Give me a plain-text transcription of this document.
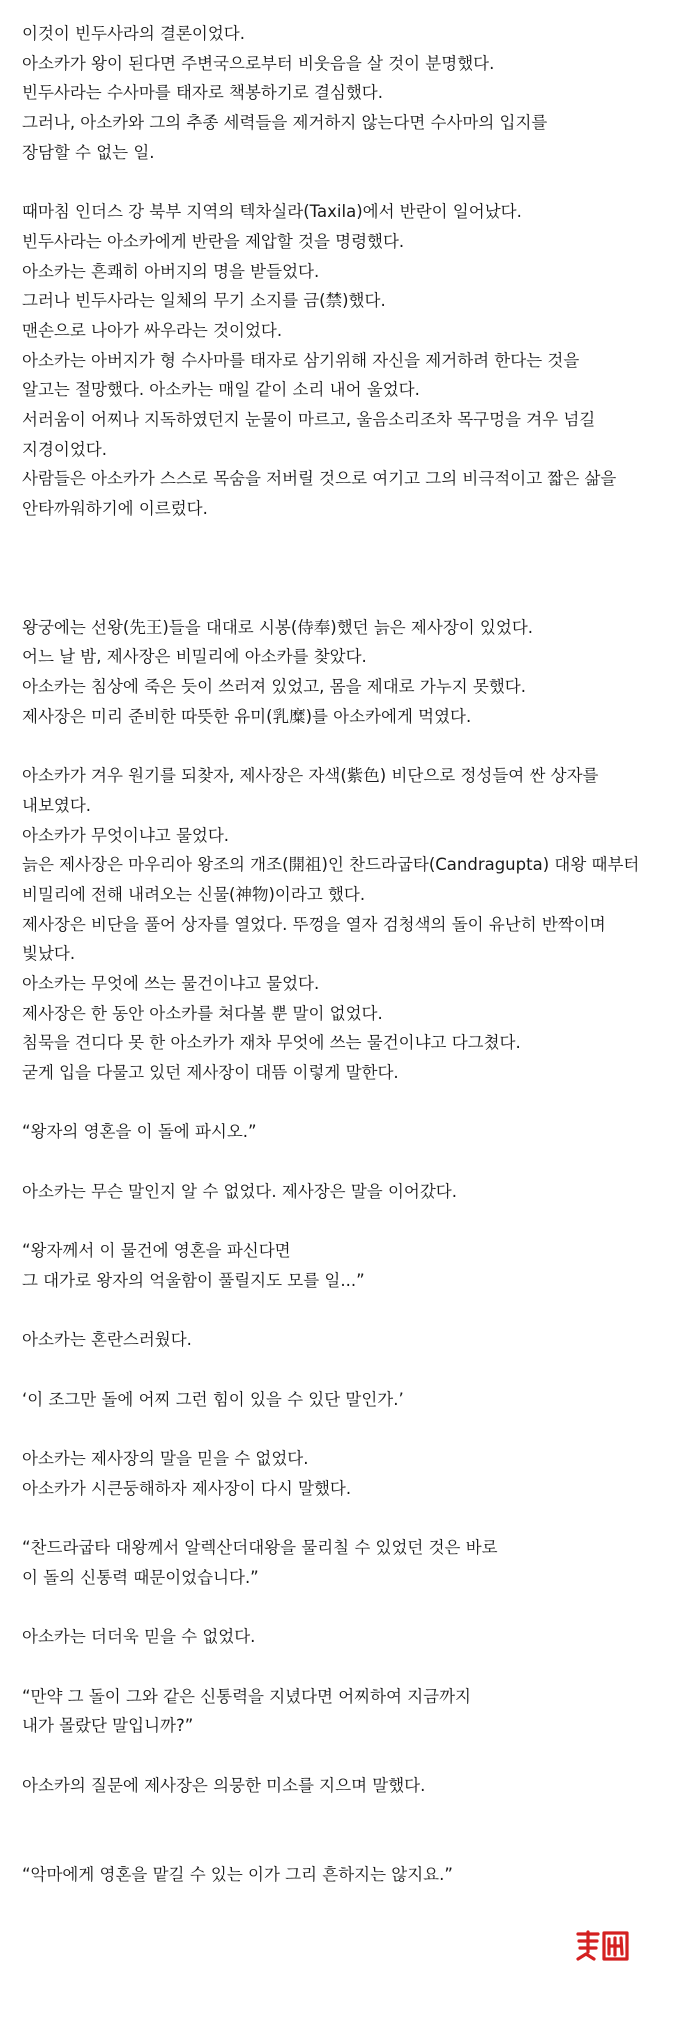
이것이 빈두사라의 결론이었다.
아소카가 왕이 된다면 주변국으로부터 비웃음을 살 것이 분명했다.
빈두사라는 수사마를 태자로 책봉하기로 결심했다.
그러나, 아소카와 그의 추종 세력들을 제거하지 않는다면 수사마의 입지를
장담할 수 없는 일.
때마침 인더스 강 북부 지역의 텍차실라(Taxila)에서 반란이 일어났다.
빈두사라는 아소카에게 반란을 제압할 것을 명령했다.
아소카는 흔쾌히 아버지의 명을 받들었다.
그러나 빈두사라는 일체의 무기 소지를 금(禁)했다.
맨손으로 나아가 싸우라는 것이었다.
아소카는 아버지가 형 수사마를 태자로 삼기위해 자신을 제거하려 한다는 것을
알고는 절망했다. 아소카는 매일 같이 소리 내어 울었다.
서러움이 어찌나 지독하였던지 눈물이 마르고, 울음소리조차 목구멍을 겨우 넘길
지경이었다.
사람들은 아소카가 스스로 목숨을 저버릴 것으로 여기고 그의 비극적이고 짧은 삶을
안타까워하기에 이르렀다.
왕궁에는 선왕(先王)들을 대대로 시봉(侍奉)했던 늙은 제사장이 있었다.
어느 날 밤, 제사장은 비밀리에 아소카를 찾았다.
아소카는 침상에 죽은 듯이 쓰러져 있었고, 몸을 제대로 가누지 못했다.
제사장은 미리 준비한 따뜻한 유미(乳糜)를 아소카에게 먹였다.
아소카가 겨우 원기를 되찾자, 제사장은 자색(紫色) 비단으로 정성들여 싼 상자를
내보였다.
아소카가 무엇이냐고 물었다.
늙은 제사장은 마우리아 왕조의 개조(開祖)인 찬드라굽타(Candragupta) 대왕 때부터
비밀리에 전해 내려오는 신물(神物)이라고 했다.
제사장은 비단을 풀어 상자를 열었다. 뚜껑을 열자 검청색의 돌이 유난히 반짝이며
빛났다.
아소카는 무엇에 쓰는 물건이냐고 물었다.
제사장은 한 동안 아소카를 쳐다볼 뿐 말이 없었다.
침묵을 견디다 못 한 아소카가 재차 무엇에 쓰는 물건이냐고 다그쳤다.
굳게 입을 다물고 있던 제사장이 대뜸 이렇게 말한다.
“왕자의 영혼을 이 돌에 파시오.”
아소카는 무슨 말인지 알 수 없었다. 제사장은 말을 이어갔다.
“왕자께서 이 물건에 영혼을 파신다면
그 대가로 왕자의 억울함이 풀릴지도 모를 일...”
아소카는 혼란스러웠다.
‘이 조그만 돌에 어찌 그런 힘이 있을 수 있단 말인가.’
아소카는 제사장의 말을 믿을 수 없었다.
아소카가 시큰둥해하자 제사장이 다시 말했다.
“찬드라굽타 대왕께서 알렉산더대왕을 물리칠 수 있었던 것은 바로
이 돌의 신통력 때문이었습니다.”
아소카는 더더욱 믿을 수 없었다.
“만약 그 돌이 그와 같은 신통력을 지녔다면 어찌하여 지금까지
내가 몰랐단 말입니까?”
아소카의 질문에 제사장은 의뭉한 미소를 지으며 말했다.
“악마에게 영혼을 맡길 수 있는 이가 그리 흔하지는 않지요.”
